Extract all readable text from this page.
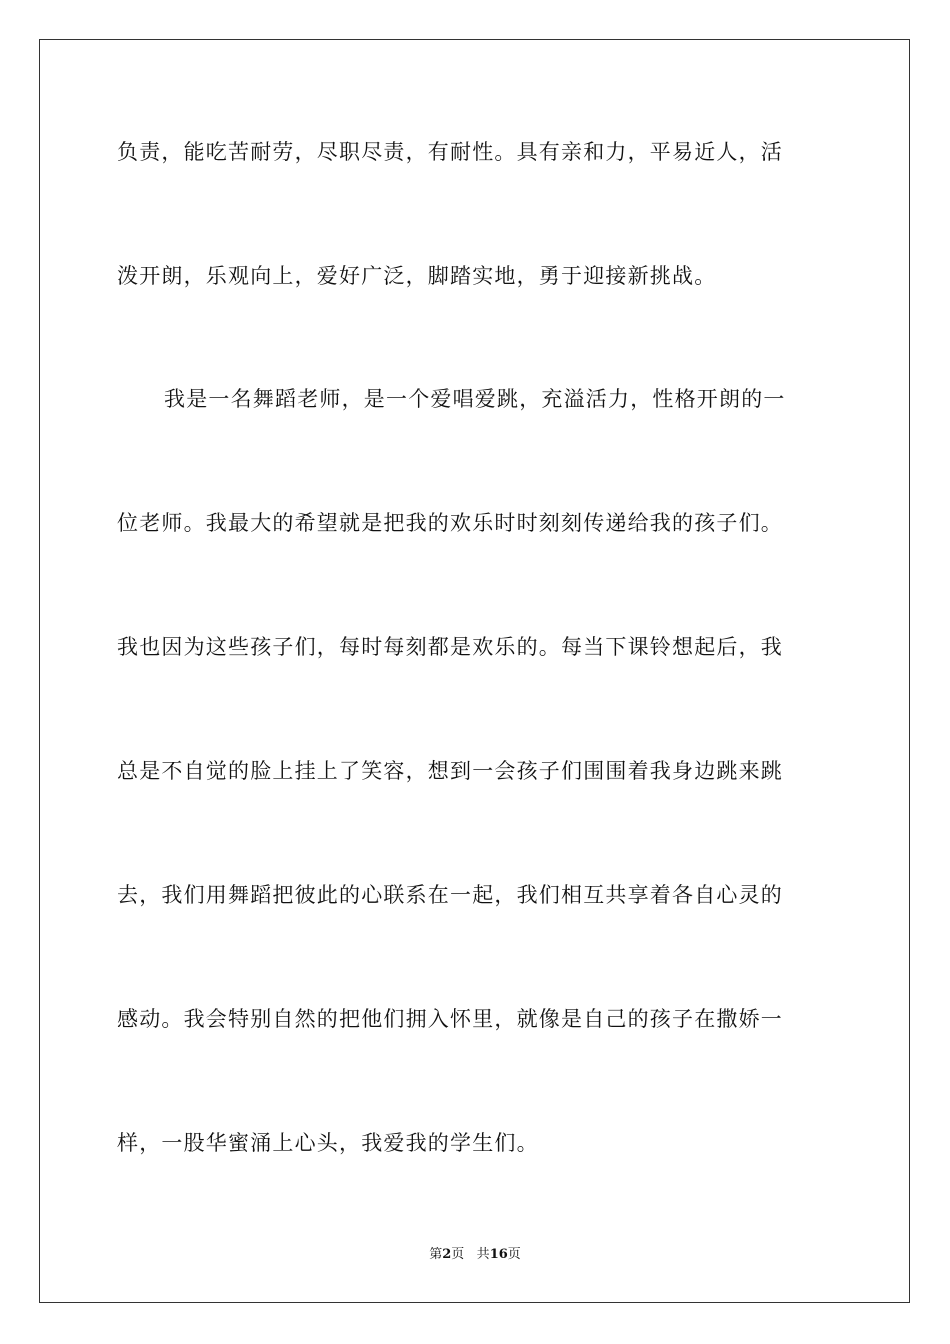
负责，能吃苦耐劳，尽职尽责，有耐性。具有亲和力，平易近人，活
泼开朗，乐观向上，爱好广泛，脚踏实地，勇于迎接新挑战。
我是一名舞蹈老师，是一个爱唱爱跳，充溢活力，性格开朗的一
位老师。我最大的希望就是把我的欢乐时时刻刻传递给我的孩子们。
我也因为这些孩子们，每时每刻都是欢乐的。每当下课铃想起后，我
总是不自觉的脸上挂上了笑容，想到一会孩子们围围着我身边跳来跳
去，我们用舞蹈把彼此的心联系在一起，我们相互共享着各自心灵的
感动。我会特别自然的把他们拥入怀里，就像是自己的孩子在撒娇一
样，一股华蜜涌上心头，我爱我的学生们。
第2页 共16页
